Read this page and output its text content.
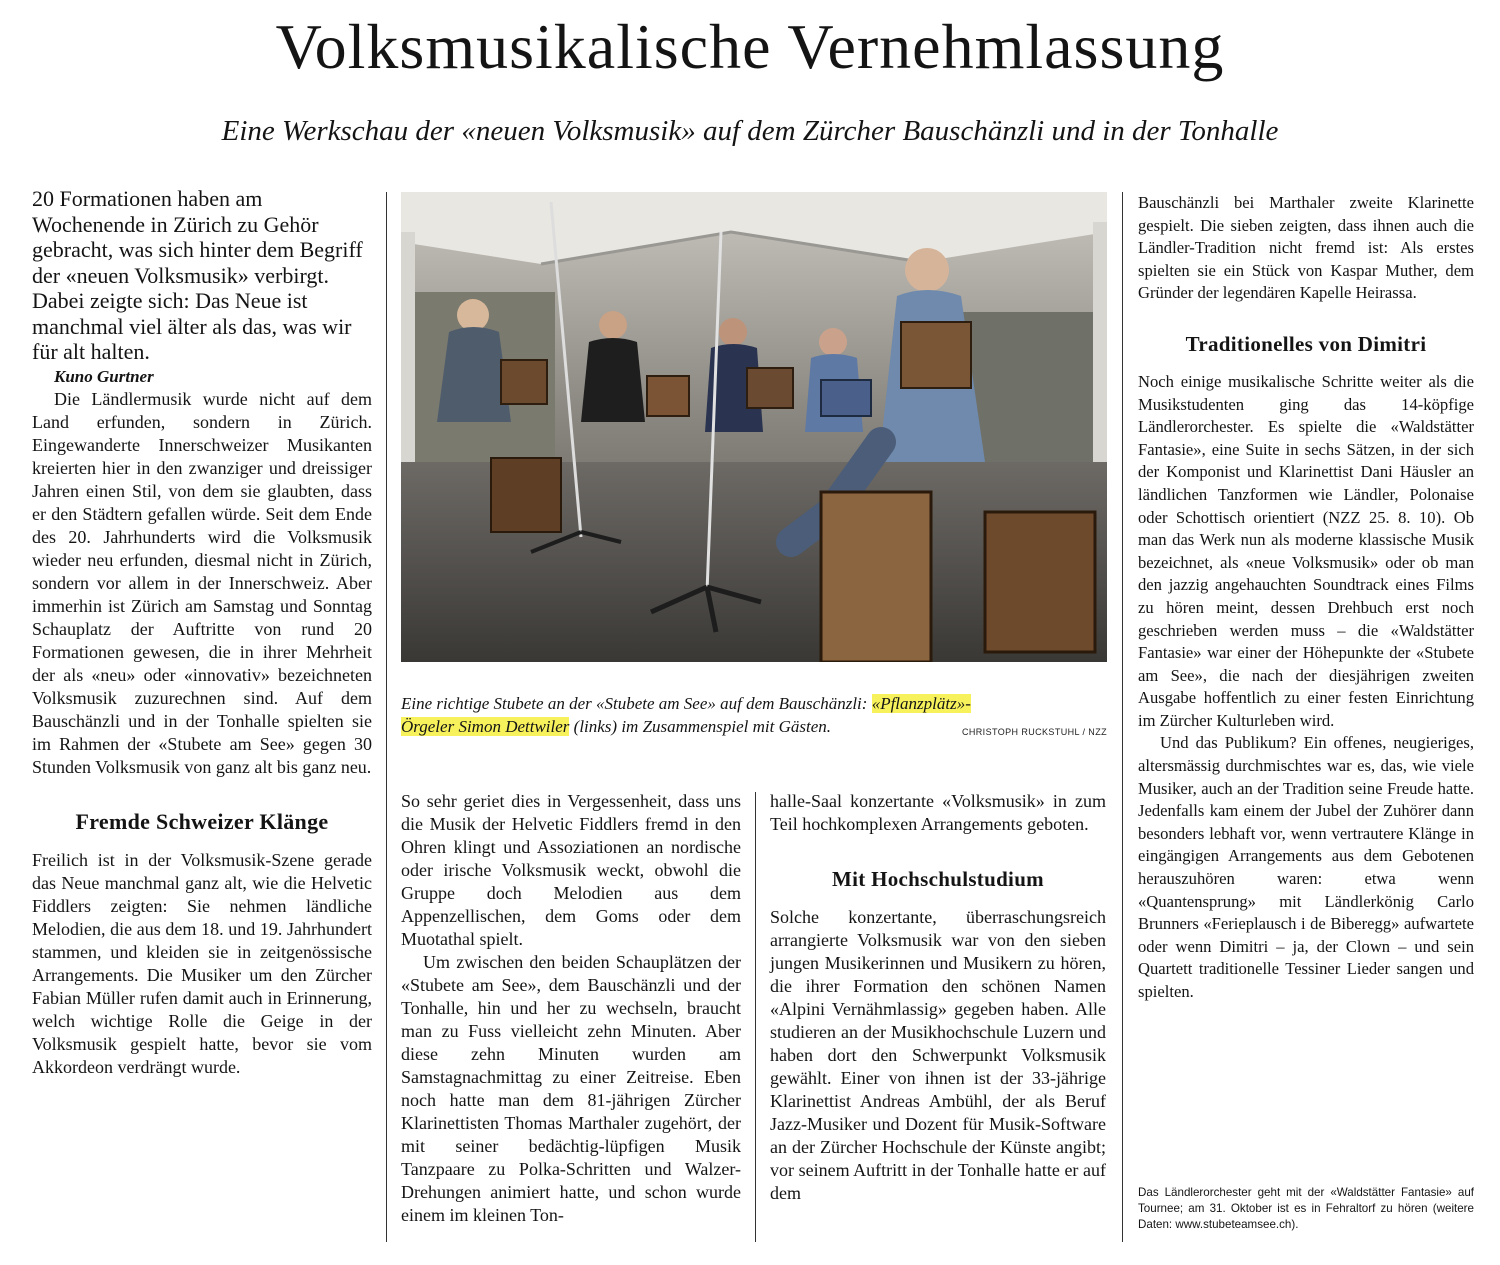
Volksmusikalische Vernehmlassung

Eine Werkschau der «neuen Volksmusik» auf dem Zürcher Bauschänzli und in der Tonhalle

20 Formationen haben am Wochenende in Zürich zu Gehör gebracht, was sich hinter dem Begriff der «neuen Volksmusik» verbirgt. Dabei zeigte sich: Das Neue ist manchmal viel älter als das, was wir für alt halten.

Kuno Gurtner

Die Ländlermusik wurde nicht auf dem Land erfunden, sondern in Zürich. Eingewanderte Innerschweizer Musikanten kreierten hier in den zwanziger und dreissiger Jahren einen Stil, von dem sie glaubten, dass er den Städtern gefallen würde. Seit dem Ende des 20. Jahrhunderts wird die Volksmusik wieder neu erfunden, diesmal nicht in Zürich, sondern vor allem in der Innerschweiz. Aber immerhin ist Zürich am Samstag und Sonntag Schauplatz der Auftritte von rund 20 Formationen gewesen, die in ihrer Mehrheit der als «neu» oder «innovativ» bezeichneten Volksmusik zuzurechnen sind. Auf dem Bauschänzli und in der Tonhalle spielten sie im Rahmen der «Stubete am See» gegen 30 Stunden Volksmusik von ganz alt bis ganz neu.

Fremde Schweizer Klänge

Freilich ist in der Volksmusik-Szene gerade das Neue manchmal ganz alt, wie die Helvetic Fiddlers zeigten: Sie nehmen ländliche Melodien, die aus dem 18. und 19. Jahrhundert stammen, und kleiden sie in zeitgenössische Arrangements. Die Musiker um den Zürcher Fabian Müller rufen damit auch in Erinnerung, welch wichtige Rolle die Geige in der Volksmusik gespielt hatte, bevor sie vom Akkordeon verdrängt wurde.

Eine richtige Stubete an der «Stubete am See» auf dem Bauschänzli: «Pflanzplätz»-
Örgeler Simon Dettwiler (links) im Zusammenspiel mit Gästen.	CHRISTOPH RUCKSTUHL / NZZ

So sehr geriet dies in Vergessenheit, dass uns die Musik der Helvetic Fiddlers fremd in den Ohren klingt und Assoziationen an nordische oder irische Volksmusik weckt, obwohl die Gruppe doch Melodien aus dem Appenzellischen, dem Goms oder dem Muotathal spielt.

Um zwischen den beiden Schauplätzen der «Stubete am See», dem Bauschänzli und der Tonhalle, hin und her zu wechseln, braucht man zu Fuss vielleicht zehn Minuten. Aber diese zehn Minuten wurden am Samstagnachmittag zu einer Zeitreise. Eben noch hatte man dem 81-jährigen Zürcher Klarinettisten Thomas Marthaler zugehört, der mit seiner bedächtig-lüpfigen Musik Tanzpaare zu Polka-Schritten und Walzer-Drehungen animiert hatte, und schon wurde einem im kleinen Ton-

halle-Saal konzertante «Volksmusik» in zum Teil hochkomplexen Arrangements geboten.

Mit Hochschulstudium

Solche konzertante, überraschungsreich arrangierte Volksmusik war von den sieben jungen Musikerinnen und Musikern zu hören, die ihrer Formation den schönen Namen «Alpini Vernähmlassig» gegeben haben. Alle studieren an der Musikhochschule Luzern und haben dort den Schwerpunkt Volksmusik gewählt. Einer von ihnen ist der 33-jährige Klarinettist Andreas Ambühl, der als Beruf Jazz-Musiker und Dozent für Musik-Software an der Zürcher Hochschule der Künste angibt; vor seinem Auftritt in der Tonhalle hatte er auf dem

Bauschänzli bei Marthaler zweite Klarinette gespielt. Die sieben zeigten, dass ihnen auch die Ländler-Tradition nicht fremd ist: Als erstes spielten sie ein Stück von Kaspar Muther, dem Gründer der legendären Kapelle Heirassa.

Traditionelles von Dimitri

Noch einige musikalische Schritte weiter als die Musikstudenten ging das 14-köpfige Ländlerorchester. Es spielte die «Waldstätter Fantasie», eine Suite in sechs Sätzen, in der sich der Komponist und Klarinettist Dani Häusler an ländlichen Tanzformen wie Ländler, Polonaise oder Schottisch orientiert (NZZ 25. 8. 10). Ob man das Werk nun als moderne klassische Musik bezeichnet, als «neue Volksmusik» oder ob man den jazzig angehauchten Soundtrack eines Films zu hören meint, dessen Drehbuch erst noch geschrieben werden muss – die «Waldstätter Fantasie» war einer der Höhepunkte der «Stubete am See», die nach der diesjährigen zweiten Ausgabe hoffentlich zu einer festen Einrichtung im Zürcher Kulturleben wird.

Und das Publikum? Ein offenes, neugieriges, altersmässig durchmischtes war es, das, wie viele Musiker, auch an der Tradition seine Freude hatte. Jedenfalls kam einem der Jubel der Zuhörer dann besonders lebhaft vor, wenn vertrautere Klänge in eingängigen Arrangements aus dem Gebotenen herauszuhören waren: etwa wenn «Quantensprung» mit Ländlerkönig Carlo Brunners «Ferieplausch i de Biberegg» aufwartete oder wenn Dimitri – ja, der Clown – und sein Quartett traditionelle Tessiner Lieder sangen und spielten.

Das Ländlerorchester geht mit der «Waldstätter Fantasie» auf Tournee; am 31. Oktober ist es in Fehraltorf zu hören (weitere Daten: www.stubeteamsee.ch).
